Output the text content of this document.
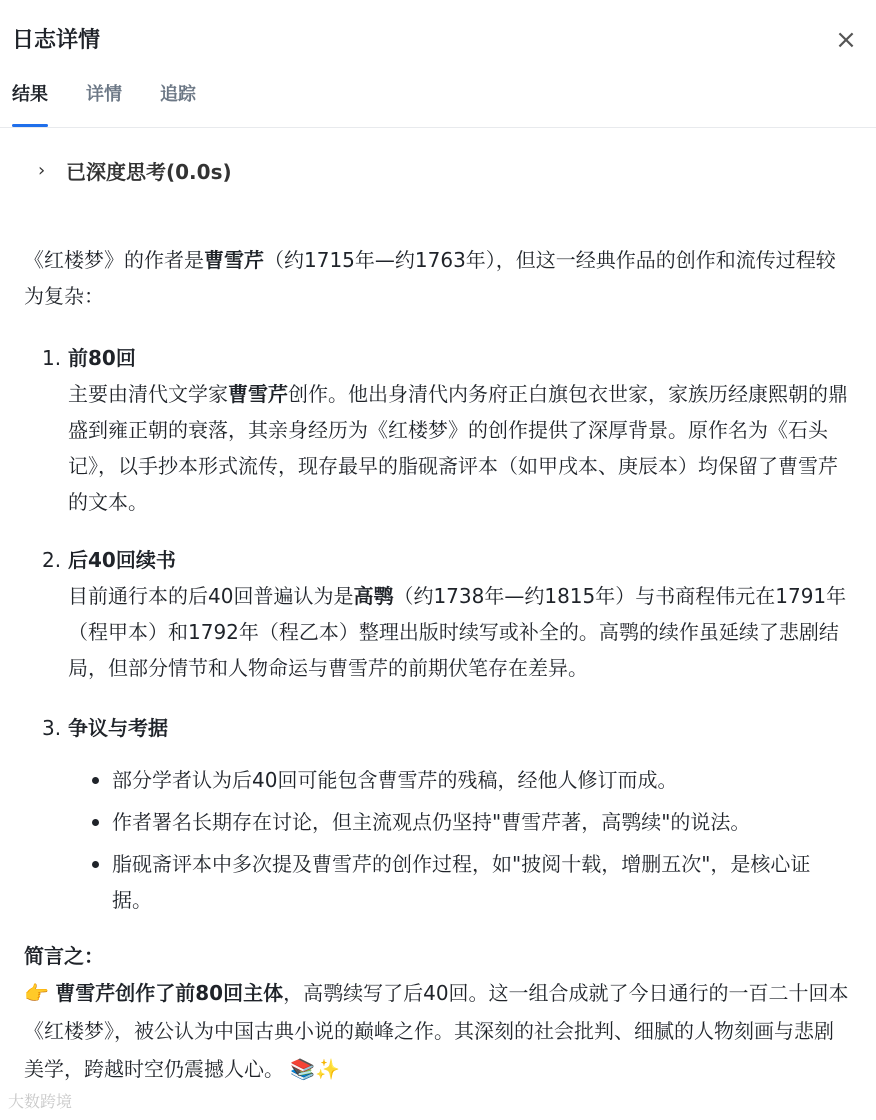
日志详情	×
结果 详情 追踪
›	已深度思考(0.0s)

《红楼梦》的作者是曹雪芹（约1715年—约1763年），但这一经典作品的创作和流传过程较为复杂：

1. 前80回
主要由清代文学家曹雪芹创作。他出身清代内务府正白旗包衣世家，家族历经康熙朝的鼎盛到雍正朝的衰落，其亲身经历为《红楼梦》的创作提供了深厚背景。原作名为《石头记》，以手抄本形式流传，现存最早的脂砚斋评本（如甲戌本、庚辰本）均保留了曹雪芹的文本。
2. 后40回续书
目前通行本的后40回普遍认为是高鹗（约1738年—约1815年）与书商程伟元在1791年（程甲本）和1792年（程乙本）整理出版时续写或补全的。高鹗的续作虽延续了悲剧结局，但部分情节和人物命运与曹雪芹的前期伏笔存在差异。
3. 争议与考据
部分学者认为后40回可能包含曹雪芹的残稿，经他人修订而成。
作者署名长期存在讨论，但主流观点仍坚持"曹雪芹著，高鹗续"的说法。
脂砚斋评本中多次提及曹雪芹的创作过程，如"披阅十载，增删五次"，是核心证据。
简言之：
👉 曹雪芹创作了前80回主体，高鹗续写了后40回。这一组合成就了今日通行的一百二十回本《红楼梦》，被公认为中国古典小说的巅峰之作。其深刻的社会批判、细腻的人物刻画与悲剧美学，跨越时空仍震撼人心。 📚✨
大数跨境
